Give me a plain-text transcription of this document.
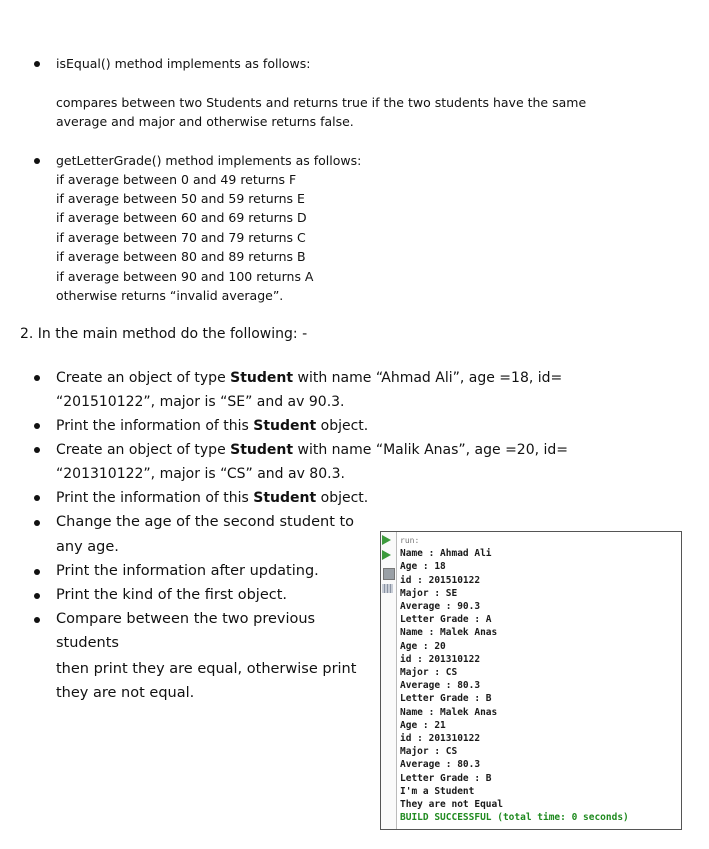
isEqual() method implements as follows:
compares between two Students and returns true if the two students have the same
average and major and otherwise returns false.
getLetterGrade() method implements as follows:
if average between 0 and 49 returns F
if average between 50 and 59 returns E
if average between 60 and 69 returns D
if average between 70 and 79 returns C
if average between 80 and 89 returns B
if average between 90 and 100 returns A
otherwise returns “invalid average”.
2. In the main method do the following: -
Create an object of type Student with name “Ahmad Ali”, age =18, id=
“201510122”, major is “SE” and av 90.3.
Print the information of this Student object.
Create an object of type Student with name “Malik Anas”, age =20, id=
“201310122”, major is “CS” and av 80.3.
Print the information of this Student object.
Change the age of the second student to
any age.
Print the information after updating.
Print the kind of the first object.
Compare between the two previous
students
then print they are equal, otherwise print
they are not equal.
run:
Name : Ahmad Ali
Age : 18
id : 201510122
Major : SE
Average : 90.3
Letter Grade : A
Name : Malek Anas
Age : 20
id : 201310122
Major : CS
Average : 80.3
Letter Grade : B
Name : Malek Anas
Age : 21
id : 201310122
Major : CS
Average : 80.3
Letter Grade : B
I'm a Student
They are not Equal
BUILD SUCCESSFUL (total time: 0 seconds)
